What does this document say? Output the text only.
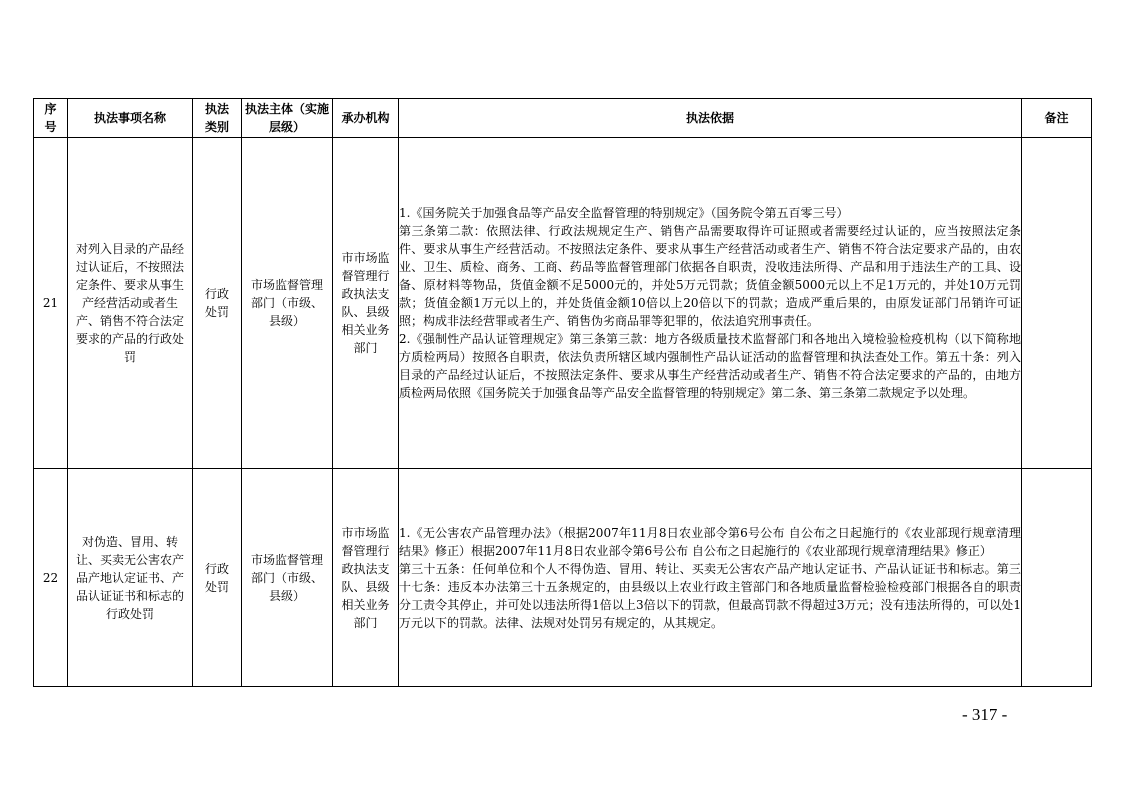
序号	执法事项名称	执法类别	执法主体（实施层级）	承办机构	执法依据	备注
21	对列入目录的产品经过认证后，不按照法定条件、要求从事生产经营活动或者生产、销售不符合法定要求的产品的行政处罚	行政处罚	市场监督管理部门（市级、县级）	市市场监督管理行政执法支队、县级相关业务部门	1.《国务院关于加强食品等产品安全监督管理的特别规定》（国务院令第五百零三号）

第三条第二款：依照法律、行政法规规定生产、销售产品需要取得许可证照或者需要经过认证的，应当按照法定条件、要求从事生产经营活动。不按照法定条件、要求从事生产经营活动或者生产、销售不符合法定要求产品的，由农业、卫生、质检、商务、工商、药品等监督管理部门依据各自职责，没收违法所得、产品和用于违法生产的工具、设备、原材料等物品，货值金额不足5000元的，并处5万元罚款；货值金额5000元以上不足1万元的，并处10万元罚款；货值金额1万元以上的，并处货值金额10倍以上20倍以下的罚款；造成严重后果的，由原发证部门吊销许可证照；构成非法经营罪或者生产、销售伪劣商品罪等犯罪的，依法追究刑事责任。

2.《强制性产品认证管理规定》第三条第三款：地方各级质量技术监督部门和各地出入境检验检疫机构（以下简称地方质检两局）按照各自职责，依法负责所辖区域内强制性产品认证活动的监督管理和执法查处工作。第五十条：列入目录的产品经过认证后，不按照法定条件、要求从事生产经营活动或者生产、销售不符合法定要求的产品的，由地方质检两局依照《国务院关于加强食品等产品安全监督管理的特别规定》第二条、第三条第二款规定予以处理。	

22	对伪造、冒用、转让、买卖无公害农产品产地认定证书、产品认证证书和标志的行政处罚	行政处罚	市场监督管理部门（市级、县级）	市市场监督管理行政执法支队、县级相关业务部门	1.《无公害农产品管理办法》（根据2007年11月8日农业部令第6号公布 自公布之日起施行的《农业部现行规章清理结果》修正）根据2007年11月8日农业部令第6号公布 自公布之日起施行的《农业部现行规章清理结果》修正）

第三十五条：任何单位和个人不得伪造、冒用、转让、买卖无公害农产品产地认定证书、产品认证证书和标志。第三十七条：违反本办法第三十五条规定的，由县级以上农业行政主管部门和各地质量监督检验检疫部门根据各自的职责分工责令其停止，并可处以违法所得1倍以上3倍以下的罚款，但最高罚款不得超过3万元；没有违法所得的，可以处1万元以下的罚款。法律、法规对处罚另有规定的，从其规定。	

- 317 -
